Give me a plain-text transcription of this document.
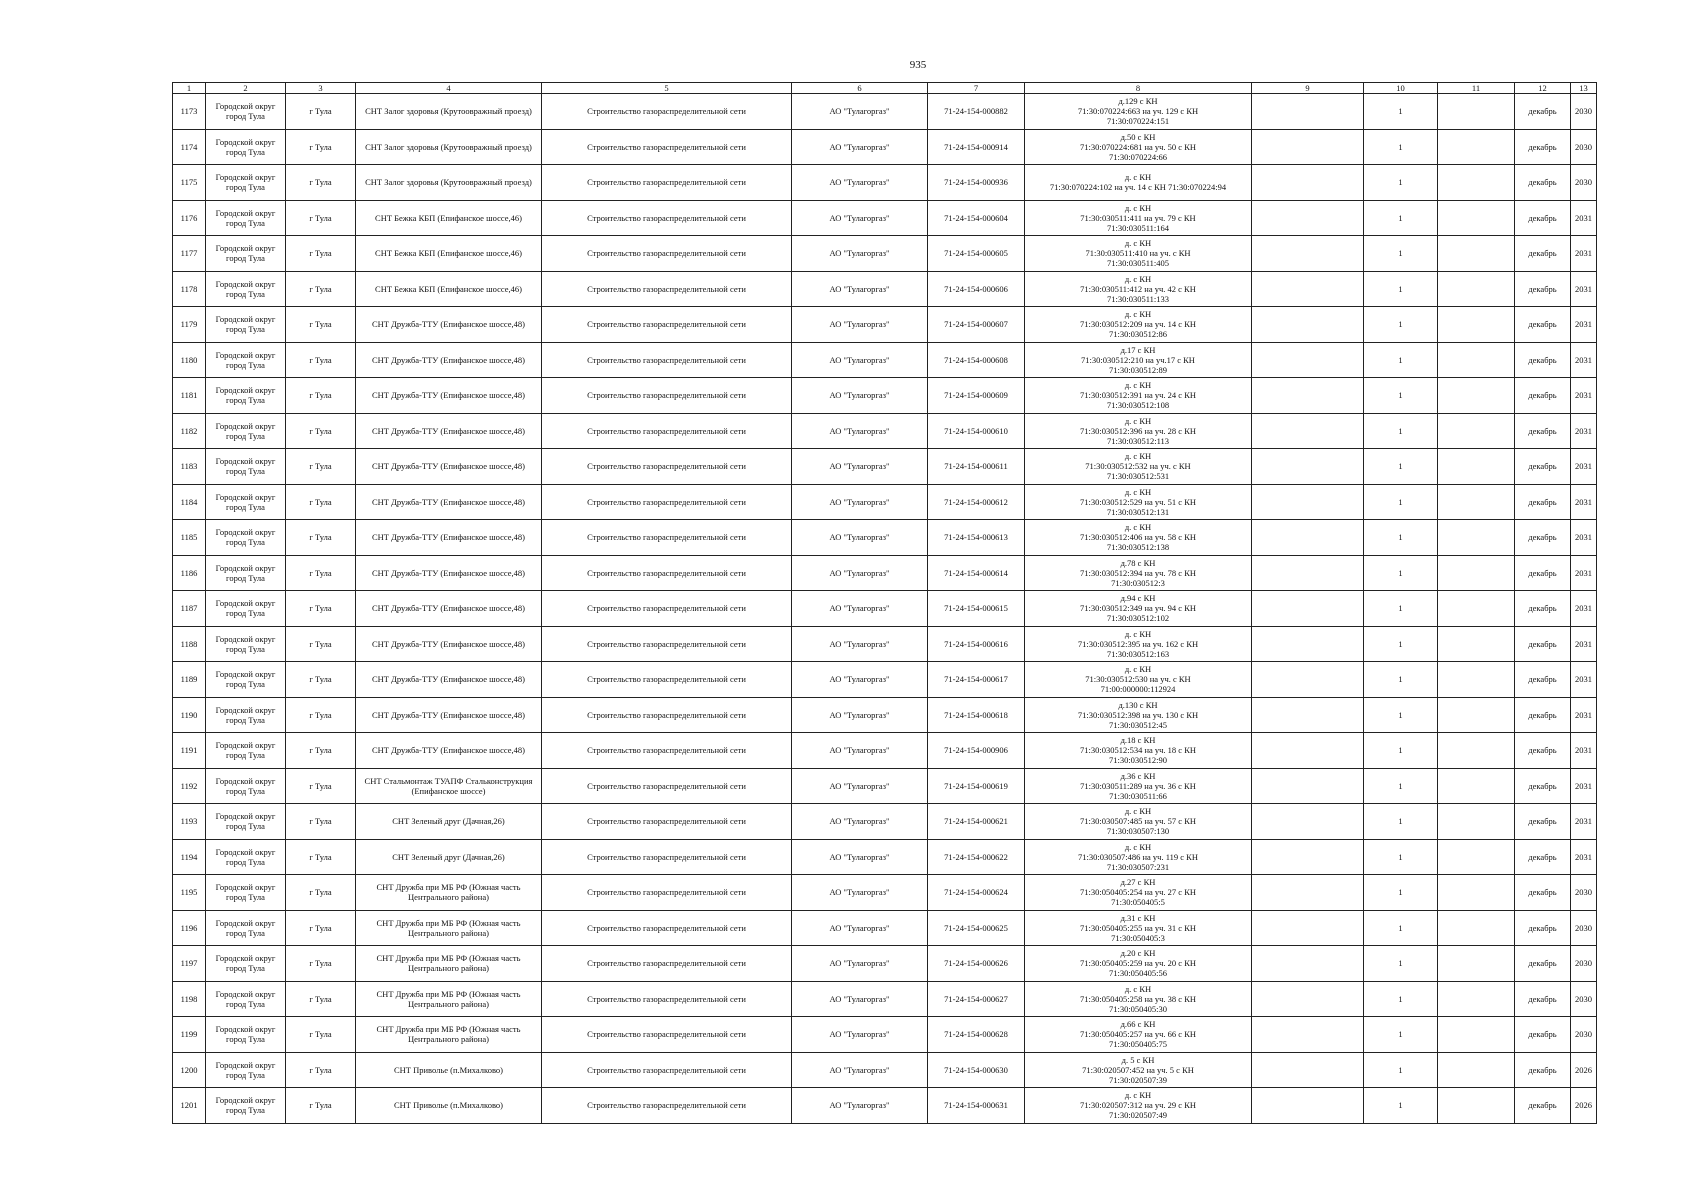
935
1	2	3	4	5	6	7	8	9	10	11	12	13
1173	Городской округ город Тула	г Тула	СНТ Залог здоровья (Крутоовражный проезд)	Строительство газораспределительной сети	АО "Тулагоргаз"	71-24-154-000882	д.129 с КН
71:30:070224:663 на уч. 129 с КН
71:30:070224:151		1		декабрь	2030
1174	Городской округ город Тула	г Тула	СНТ Залог здоровья (Крутоовражный проезд)	Строительство газораспределительной сети	АО "Тулагоргаз"	71-24-154-000914	д.50 с КН
71:30:070224:681 на уч. 50 с КН
71:30:070224:66		1		декабрь	2030
1175	Городской округ город Тула	г Тула	СНТ Залог здоровья (Крутоовражный проезд)	Строительство газораспределительной сети	АО "Тулагоргаз"	71-24-154-000936	д. с КН
71:30:070224:102 на уч. 14 с КН 71:30:070224:94		1		декабрь	2030
1176	Городской округ город Тула	г Тула	СНТ Бежка КБП (Епифанское шоссе,46)	Строительство газораспределительной сети	АО "Тулагоргаз"	71-24-154-000604	д. с КН
71:30:030511:411 на уч. 79 с КН
71:30:030511:164		1		декабрь	2031
1177	Городской округ город Тула	г Тула	СНТ Бежка КБП (Епифанское шоссе,46)	Строительство газораспределительной сети	АО "Тулагоргаз"	71-24-154-000605	д. с КН
71:30:030511:410 на уч. с КН
71:30:030511:405		1		декабрь	2031
1178	Городской округ город Тула	г Тула	СНТ Бежка КБП (Епифанское шоссе,46)	Строительство газораспределительной сети	АО "Тулагоргаз"	71-24-154-000606	д. с КН
71:30:030511:412 на уч. 42 с КН
71:30:030511:133		1		декабрь	2031
1179	Городской округ город Тула	г Тула	СНТ Дружба-ТТУ (Епифанское шоссе,48)	Строительство газораспределительной сети	АО "Тулагоргаз"	71-24-154-000607	д. с КН
71:30:030512:209 на уч. 14 с КН
71:30:030512:86		1		декабрь	2031
1180	Городской округ город Тула	г Тула	СНТ Дружба-ТТУ (Епифанское шоссе,48)	Строительство газораспределительной сети	АО "Тулагоргаз"	71-24-154-000608	д.17 с КН
71:30:030512:210 на уч.17 с КН
71:30:030512:89		1		декабрь	2031
1181	Городской округ город Тула	г Тула	СНТ Дружба-ТТУ (Епифанское шоссе,48)	Строительство газораспределительной сети	АО "Тулагоргаз"	71-24-154-000609	д. с КН
71:30:030512:391 на уч. 24 с КН
71:30:030512:108		1		декабрь	2031
1182	Городской округ город Тула	г Тула	СНТ Дружба-ТТУ (Епифанское шоссе,48)	Строительство газораспределительной сети	АО "Тулагоргаз"	71-24-154-000610	д. с КН
71:30:030512:396 на уч. 28 с КН
71:30:030512:113		1		декабрь	2031
1183	Городской округ город Тула	г Тула	СНТ Дружба-ТТУ (Епифанское шоссе,48)	Строительство газораспределительной сети	АО "Тулагоргаз"	71-24-154-000611	д. с КН
71:30:030512:532 на уч. с КН
71:30:030512:531		1		декабрь	2031
1184	Городской округ город Тула	г Тула	СНТ Дружба-ТТУ (Епифанское шоссе,48)	Строительство газораспределительной сети	АО "Тулагоргаз"	71-24-154-000612	д. с КН
71:30:030512:529 на уч. 51 с КН
71:30:030512:131		1		декабрь	2031
1185	Городской округ город Тула	г Тула	СНТ Дружба-ТТУ (Епифанское шоссе,48)	Строительство газораспределительной сети	АО "Тулагоргаз"	71-24-154-000613	д. с КН
71:30:030512:406 на уч. 58 с КН
71:30:030512:138		1		декабрь	2031
1186	Городской округ город Тула	г Тула	СНТ Дружба-ТТУ (Епифанское шоссе,48)	Строительство газораспределительной сети	АО "Тулагоргаз"	71-24-154-000614	д.78 с КН
71:30:030512:394 на уч. 78 с КН
71:30:030512:3		1		декабрь	2031
1187	Городской округ город Тула	г Тула	СНТ Дружба-ТТУ (Епифанское шоссе,48)	Строительство газораспределительной сети	АО "Тулагоргаз"	71-24-154-000615	д.94 с КН
71:30:030512:349 на уч. 94 с КН
71:30:030512:102		1		декабрь	2031
1188	Городской округ город Тула	г Тула	СНТ Дружба-ТТУ (Епифанское шоссе,48)	Строительство газораспределительной сети	АО "Тулагоргаз"	71-24-154-000616	д. с КН
71:30:030512:395 на уч. 162 с КН
71:30:030512:163		1		декабрь	2031
1189	Городской округ город Тула	г Тула	СНТ Дружба-ТТУ (Епифанское шоссе,48)	Строительство газораспределительной сети	АО "Тулагоргаз"	71-24-154-000617	д. с КН
71:30:030512:530 на уч. с КН
71:00:000000:112924		1		декабрь	2031
1190	Городской округ город Тула	г Тула	СНТ Дружба-ТТУ (Епифанское шоссе,48)	Строительство газораспределительной сети	АО "Тулагоргаз"	71-24-154-000618	д.130 с КН
71:30:030512:398 на уч. 130 с КН
71:30:030512:45		1		декабрь	2031
1191	Городской округ город Тула	г Тула	СНТ Дружба-ТТУ (Епифанское шоссе,48)	Строительство газораспределительной сети	АО "Тулагоргаз"	71-24-154-000906	д.18 с КН
71:30:030512:534 на уч. 18 с КН
71:30:030512:90		1		декабрь	2031
1192	Городской округ город Тула	г Тула	СНТ Стальмонтаж ТУАПФ Стальконструкция (Епифанское шоссе)	Строительство газораспределительной сети	АО "Тулагоргаз"	71-24-154-000619	д.36 с КН
71:30:030511:289 на уч. 36 с КН
71:30:030511:66		1		декабрь	2031
1193	Городской округ город Тула	г Тула	СНТ Зеленый друг (Дачная,26)	Строительство газораспределительной сети	АО "Тулагоргаз"	71-24-154-000621	д. с КН
71:30:030507:485 на уч. 57 с КН
71:30:030507:130		1		декабрь	2031
1194	Городской округ город Тула	г Тула	СНТ Зеленый друг (Дачная,26)	Строительство газораспределительной сети	АО "Тулагоргаз"	71-24-154-000622	д. с КН
71:30:030507:486 на уч. 119 с КН
71:30:030507:231		1		декабрь	2031
1195	Городской округ город Тула	г Тула	СНТ Дружба при МБ РФ (Южная часть Центрального района)	Строительство газораспределительной сети	АО "Тулагоргаз"	71-24-154-000624	д.27 с КН
71:30:050405:254 на уч. 27 с КН
71:30:050405:5		1		декабрь	2030
1196	Городской округ город Тула	г Тула	СНТ Дружба при МБ РФ (Южная часть Центрального района)	Строительство газораспределительной сети	АО "Тулагоргаз"	71-24-154-000625	д.31 с КН
71:30:050405:255 на уч. 31 с КН
71:30:050405:3		1		декабрь	2030
1197	Городской округ город Тула	г Тула	СНТ Дружба при МБ РФ (Южная часть Центрального района)	Строительство газораспределительной сети	АО "Тулагоргаз"	71-24-154-000626	д.20 с КН
71:30:050405:259 на уч. 20 с КН
71:30:050405:56		1		декабрь	2030
1198	Городской округ город Тула	г Тула	СНТ Дружба при МБ РФ (Южная часть Центрального района)	Строительство газораспределительной сети	АО "Тулагоргаз"	71-24-154-000627	д. с КН
71:30:050405:258 на уч. 38 с КН
71:30:050405:30		1		декабрь	2030
1199	Городской округ город Тула	г Тула	СНТ Дружба при МБ РФ (Южная часть Центрального района)	Строительство газораспределительной сети	АО "Тулагоргаз"	71-24-154-000628	д.66 с КН
71:30:050405:257 на уч. 66 с КН
71:30:050405:75		1		декабрь	2030
1200	Городской округ город Тула	г Тула	СНТ Приволье (п.Михалково)	Строительство газораспределительной сети	АО "Тулагоргаз"	71-24-154-000630	д. 5 с КН
71:30:020507:452 на уч. 5 с КН
71:30:020507:39		1		декабрь	2026
1201	Городской округ город Тула	г Тула	СНТ Приволье (п.Михалково)	Строительство газораспределительной сети	АО "Тулагоргаз"	71-24-154-000631	д. с КН
71:30:020507:312 на уч. 29 с КН
71:30:020507:49		1		декабрь	2026
